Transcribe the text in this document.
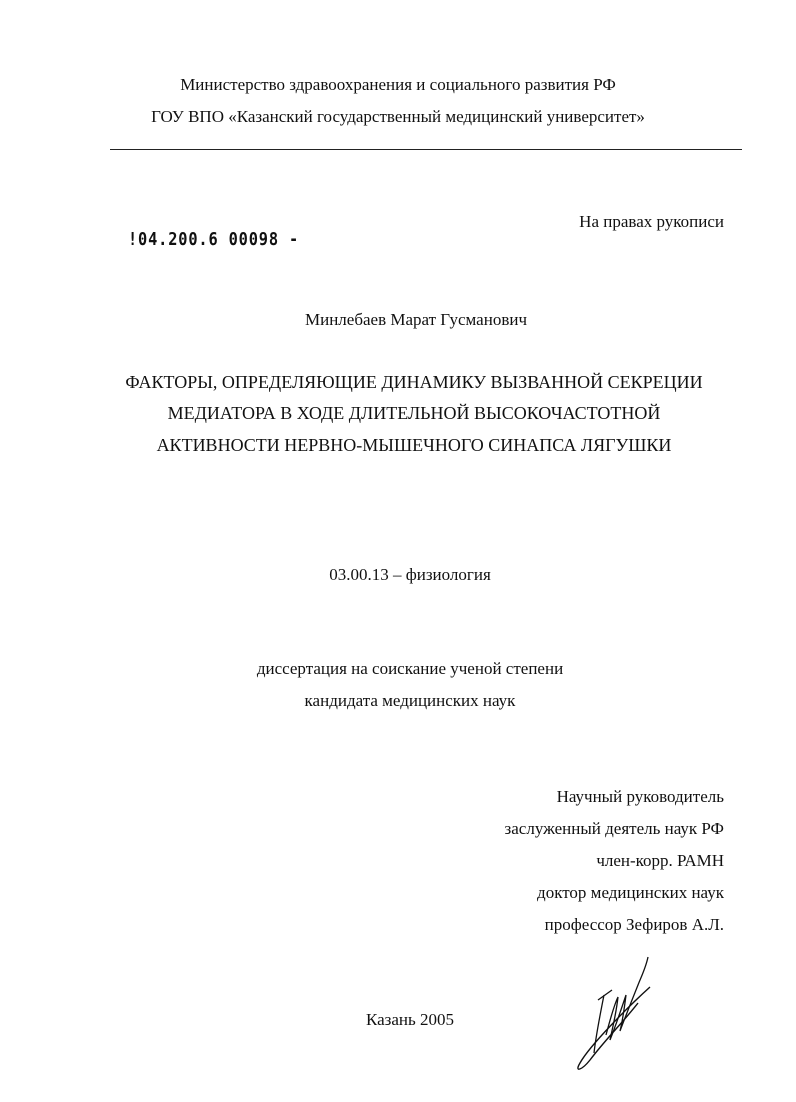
Министерство здравоохранения и социального развития РФ
ГОУ ВПО «Казанский государственный медицинский университет»
На правах рукописи
!04.200.6 00098 -
Минлебаев Марат Гусманович
ФАКТОРЫ, ОПРЕДЕЛЯЮЩИЕ ДИНАМИКУ ВЫЗВАННОЙ СЕКРЕЦИИ
МЕДИАТОРА В ХОДЕ ДЛИТЕЛЬНОЙ ВЫСОКОЧАСТОТНОЙ
АКТИВНОСТИ НЕРВНО-МЫШЕЧНОГО СИНАПСА ЛЯГУШКИ
03.00.13 – физиология
диссертация на соискание ученой степени
кандидата медицинских наук
Научный руководитель
заслуженный деятель наук РФ
член-корр. РАМН
доктор медицинских наук
профессор Зефиров А.Л.
Казань 2005
